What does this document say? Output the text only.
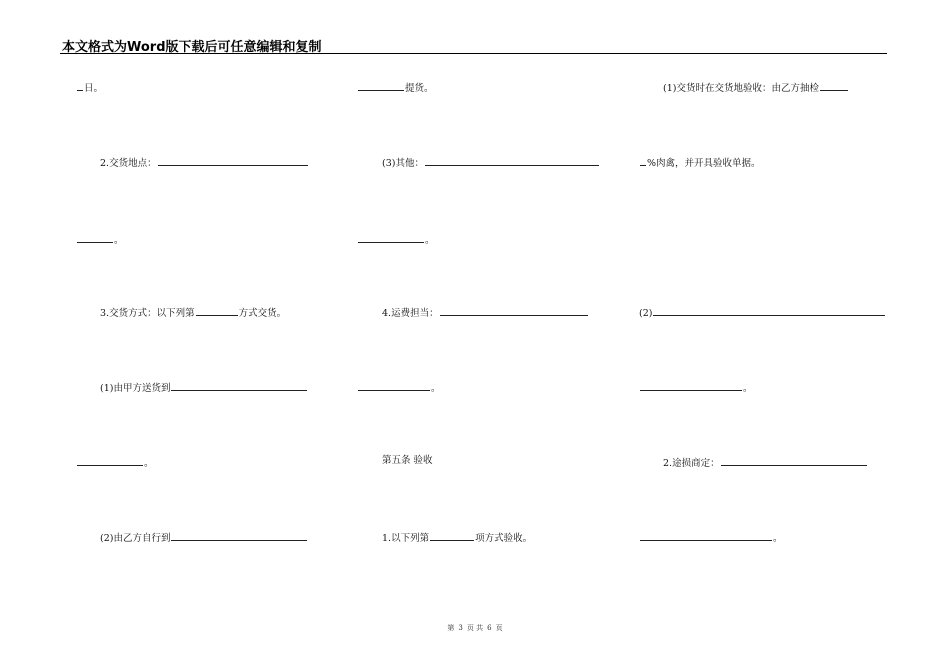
本文格式为Word版下载后可任意编辑和复制
日。
2.交货地点：
。
3.交货方式：以下列第	方式交货。
(1)由甲方送货到
。
(2)由乙方自行到
提货。
(3)其他：
。
4.运费担当：
。
第五条 验收
1.以下列第	项方式验收。
(1)交货时在交货地验收：由乙方抽检
%肉禽，并开具验收单据。
(2)
。
2.途损商定：
。
第 3 页 共 6 页
